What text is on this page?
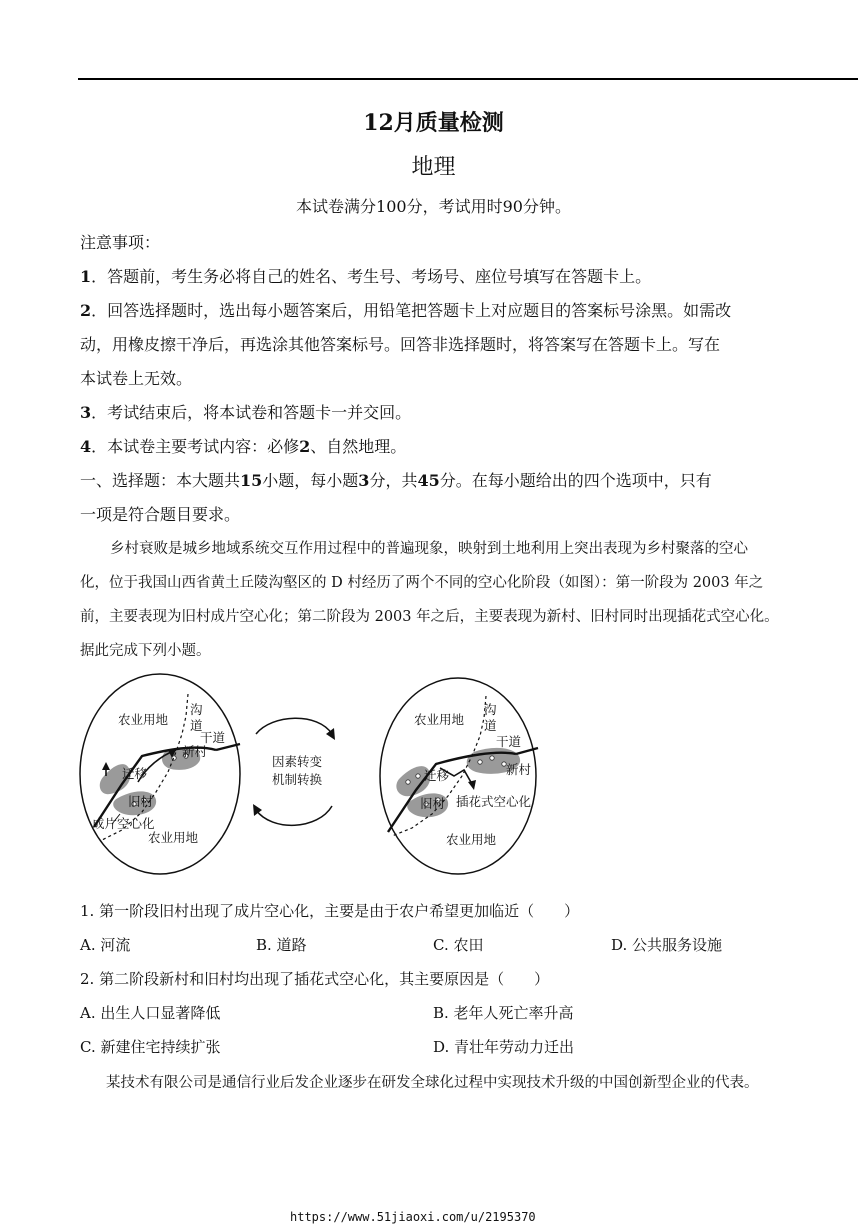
12月质量检测
地理
本试卷满分100分，考试用时90分钟。
注意事项：
1．答题前，考生务必将自己的姓名、考生号、考场号、座位号填写在答题卡上。
2．回答选择题时，选出每小题答案后，用铅笔把答题卡上对应题目的答案标号涂黑。如需改
动，用橡皮擦干净后，再选涂其他答案标号。回答非选择题时，将答案写在答题卡上。写在
本试卷上无效。
3．考试结束后，将本试卷和答题卡一并交回。
4．本试卷主要考试内容：必修2、自然地理。
一、选择题：本大题共15小题，每小题3分，共45分。在每小题给出的四个选项中，只有
一项是符合题目要求。
乡村衰败是城乡地域系统交互作用过程中的普遍现象，映射到土地利用上突出表现为乡村聚落的空心
化，位于我国山西省黄土丘陵沟壑区的 D 村经历了两个不同的空心化阶段（如图）：第一阶段为 2003 年之
前，主要表现为旧村成片空心化；第二阶段为 2003 年之后，主要表现为新村、旧村同时出现插花式空心化。
据此完成下列小题。
农业用地
沟
道
干道
新村
迁移
旧村
成片空心化
农业用地
因素转变
机制转换
农业用地
沟
道
干道
新村
迁移
旧村 插花式空心化
农业用地
1. 第一阶段旧村出现了成片空心化，主要是由于农户希望更加临近（　　）
A. 河流	B. 道路	C. 农田	D. 公共服务设施
2. 第二阶段新村和旧村均出现了插花式空心化，其主要原因是（　　）
A. 出生人口显著降低	B. 老年人死亡率升高
C. 新建住宅持续扩张	D. 青壮年劳动力迁出
某技术有限公司是通信行业后发企业逐步在研发全球化过程中实现技术升级的中国创新型企业的代表。
https://www.51jiaoxi.com/u/2195370
